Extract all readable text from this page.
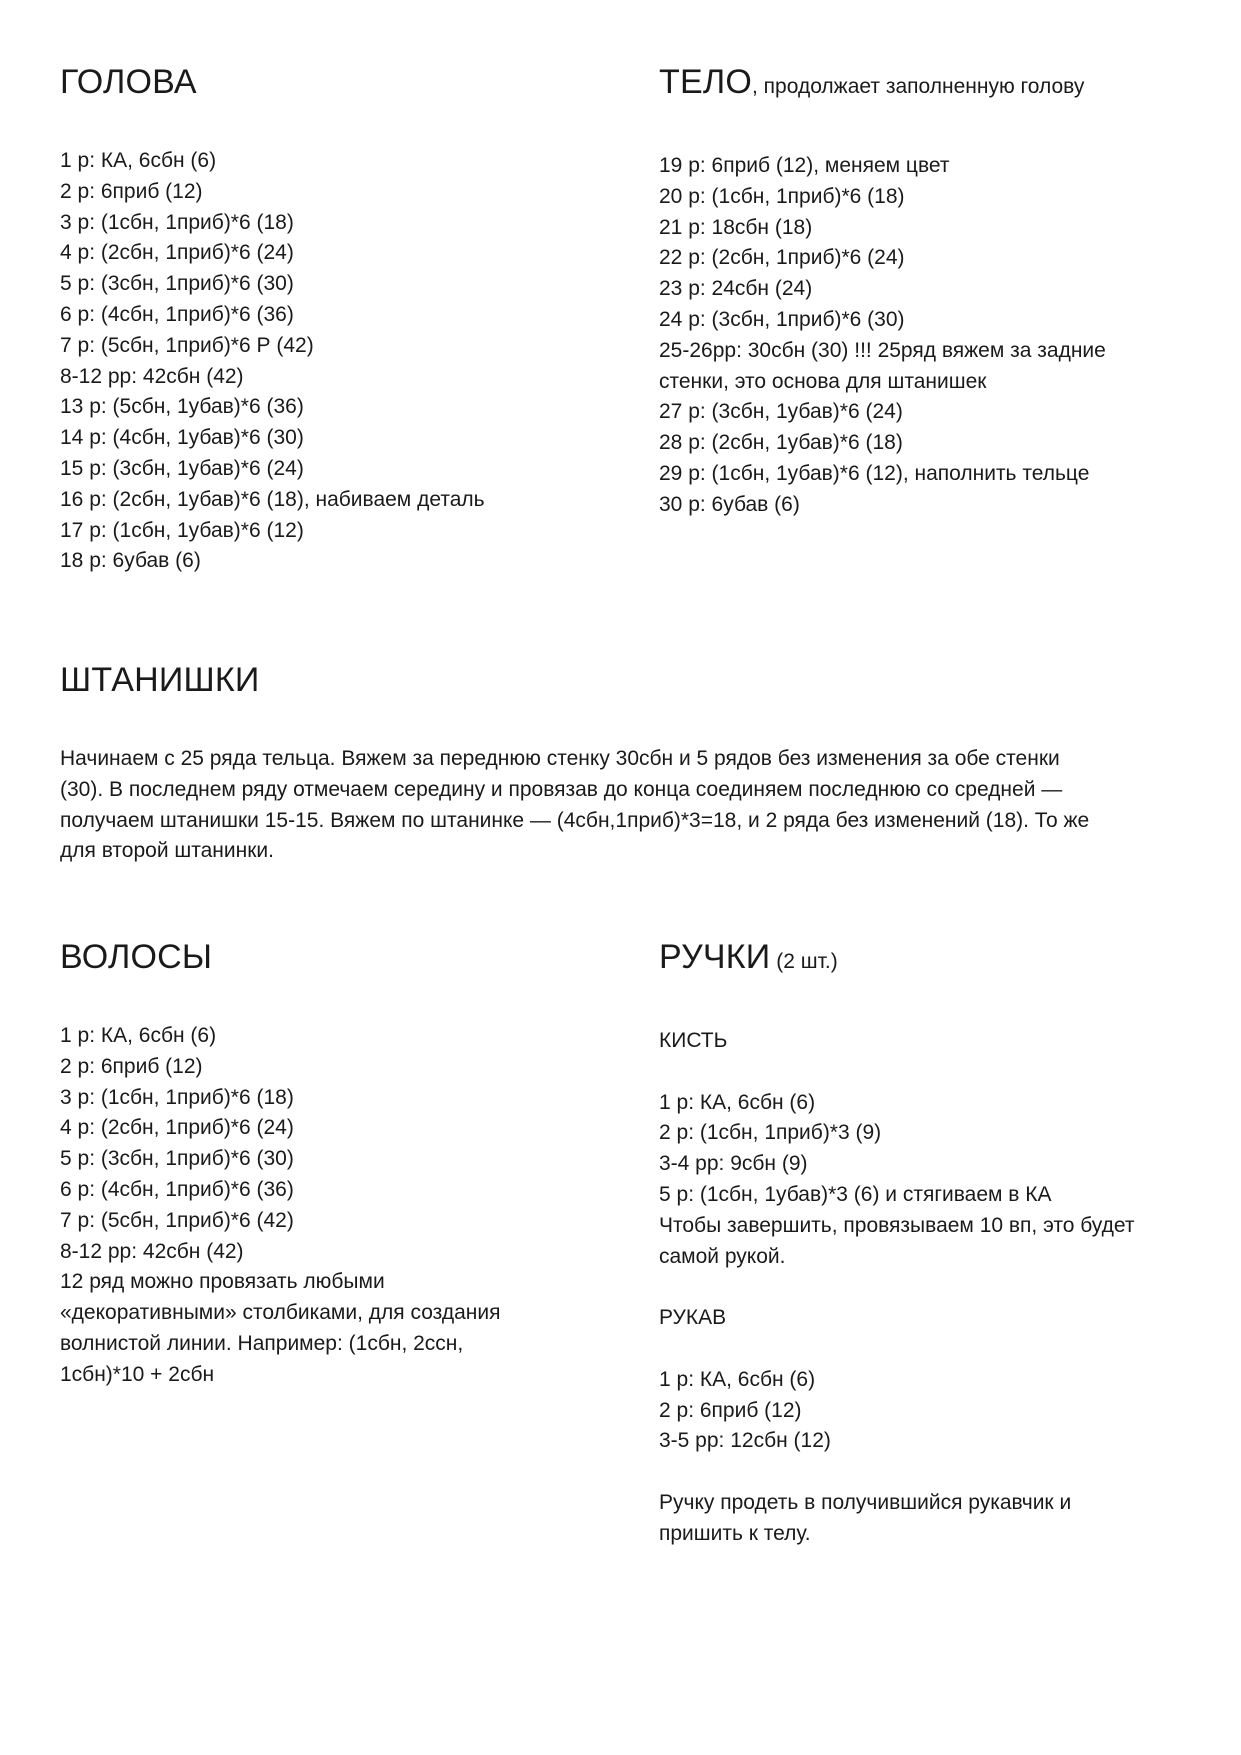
ГОЛОВА
1 р: КА, 6сбн (6)
2 р: 6приб (12)
3 р: (1сбн, 1приб)*6 (18)
4 р: (2сбн, 1приб)*6 (24)
5 р: (3сбн, 1приб)*6 (30)
6 р: (4сбн, 1приб)*6 (36)
7 р: (5сбн, 1приб)*6 Р (42)
8-12 рр: 42сбн (42)
13 р: (5сбн, 1убав)*6 (36)
14 р: (4сбн, 1убав)*6 (30)
15 р: (3сбн, 1убав)*6 (24)
16 р: (2сбн, 1убав)*6 (18), набиваем деталь
17 р: (1сбн, 1убав)*6 (12)
18 р: 6убав (6)
ТЕЛО, продолжает заполненную голову
19 р: 6приб (12), меняем цвет
20 р: (1сбн, 1приб)*6 (18)
21 р: 18сбн (18)
22 р: (2сбн, 1приб)*6 (24)
23 р: 24сбн (24)
24 р: (3сбн, 1приб)*6 (30)
25-26рр: 30сбн (30) !!! 25ряд вяжем за задние
стенки, это основа для штанишек
27 р: (3сбн, 1убав)*6 (24)
28 р: (2сбн, 1убав)*6 (18)
29 р: (1сбн, 1убав)*6 (12), наполнить тельце
30 р: 6убав (6)
ШТАНИШКИ
Начинаем с 25 ряда тельца. Вяжем за переднюю стенку 30сбн и 5 рядов без изменения за обе стенки
(30). В последнем ряду отмечаем середину и провязав до конца соединяем последнюю со средней —
получаем штанишки 15-15. Вяжем по штанинке — (4сбн,1приб)*3=18, и 2 ряда без изменений (18). То же
для второй штанинки.
ВОЛОСЫ
1 р: КА, 6сбн (6)
2 р: 6приб (12)
3 р: (1сбн, 1приб)*6 (18)
4 р: (2сбн, 1приб)*6 (24)
5 р: (3сбн, 1приб)*6 (30)
6 р: (4сбн, 1приб)*6 (36)
7 р: (5сбн, 1приб)*6 (42)
8-12 рр: 42сбн (42)
12 ряд можно провязать любыми
«декоративными» столбиками, для создания
волнистой линии. Например: (1сбн, 2ссн,
1сбн)*10 + 2сбн
РУЧКИ (2 шт.)
КИСТЬ
1 р: КА, 6сбн (6)
2 р: (1сбн, 1приб)*3 (9)
3-4 рр: 9сбн (9)
5 р: (1сбн, 1убав)*3 (6) и стягиваем в КА
Чтобы завершить, провязываем 10 вп, это будет
самой рукой.
РУКАВ
1 р: КА, 6сбн (6)
2 р: 6приб (12)
3-5 рр: 12сбн (12)
Ручку продеть в получившийся рукавчик и
пришить к телу.
